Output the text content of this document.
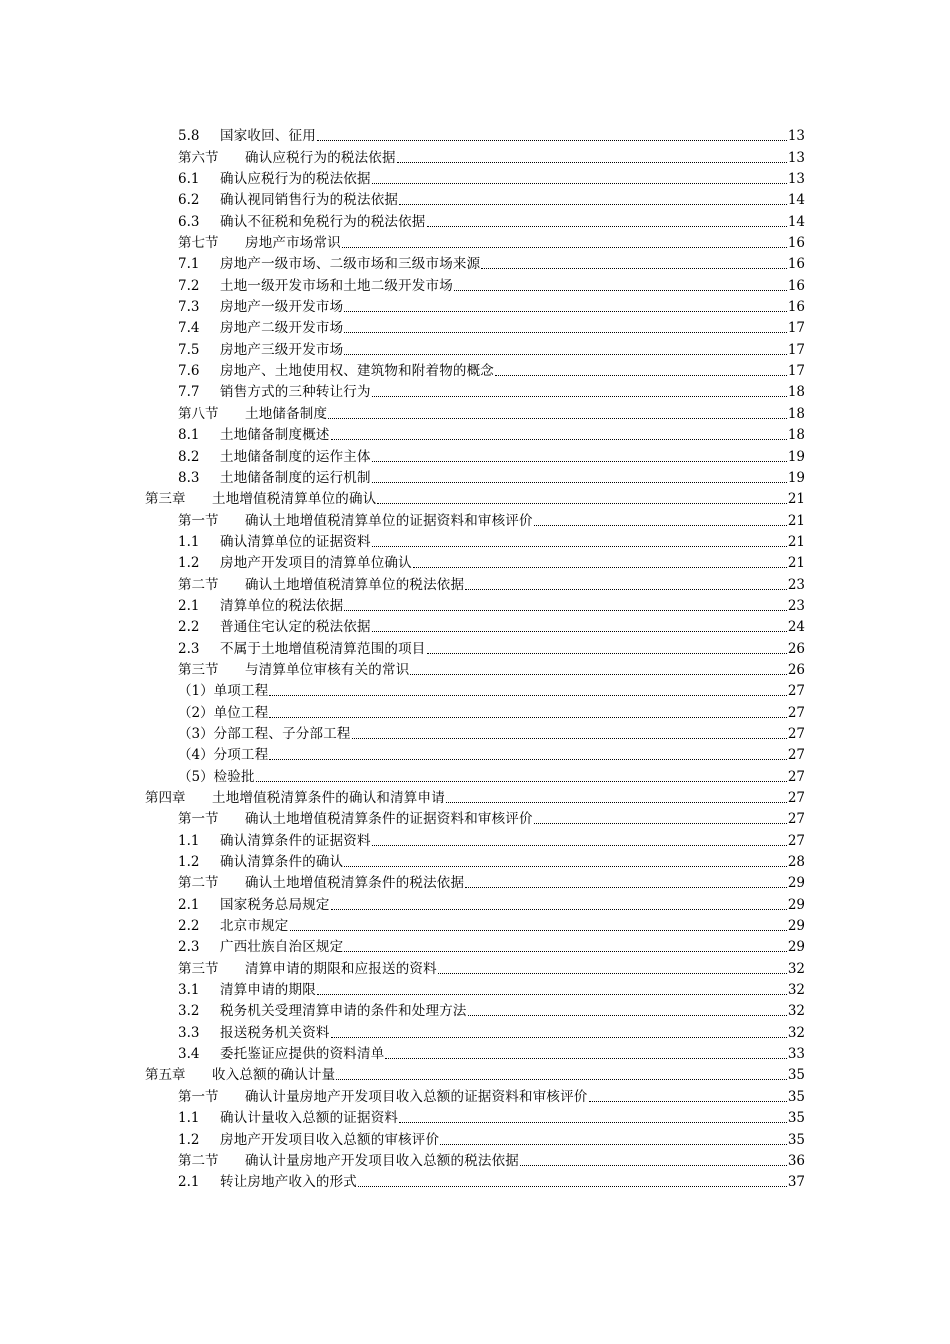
5.8	国家收回、征用	13
第六节	确认应税行为的税法依据	13
6.1	确认应税行为的税法依据	13
6.2	确认视同销售行为的税法依据	14
6.3	确认不征税和免税行为的税法依据	14
第七节	房地产市场常识	16
7.1	房地产一级市场、二级市场和三级市场来源	16
7.2	土地一级开发市场和土地二级开发市场	16
7.3	房地产一级开发市场	16
7.4	房地产二级开发市场	17
7.5	房地产三级开发市场	17
7.6	房地产、土地使用权、建筑物和附着物的概念	17
7.7	销售方式的三种转让行为	18
第八节	土地储备制度	18
8.1	土地储备制度概述	18
8.2	土地储备制度的运作主体	19
8.3	土地储备制度的运行机制	19
第三章	土地增值税清算单位的确认	21
第一节	确认土地增值税清算单位的证据资料和审核评价	21
1.1	确认清算单位的证据资料	21
1.2	房地产开发项目的清算单位确认	21
第二节	确认土地增值税清算单位的税法依据	23
2.1	清算单位的税法依据	23
2.2	普通住宅认定的税法依据	24
2.3	不属于土地增值税清算范围的项目	26
第三节	与清算单位审核有关的常识	26
（1） 单项工程	27
（2） 单位工程	27
（3） 分部工程、子分部工程	27
（4） 分项工程	27
（5） 检验批	27
第四章	土地增值税清算条件的确认和清算申请	27
第一节	确认土地增值税清算条件的证据资料和审核评价	27
1.1	确认清算条件的证据资料	27
1.2	确认清算条件的确认	28
第二节	确认土地增值税清算条件的税法依据	29
2.1	国家税务总局规定	29
2.2	北京市规定	29
2.3	广西壮族自治区规定	29
第三节	清算申请的期限和应报送的资料	32
3.1	清算申请的期限	32
3.2	税务机关受理清算申请的条件和处理方法	32
3.3	报送税务机关资料	32
3.4	委托鉴证应提供的资料清单	33
第五章	收入总额的确认计量	35
第一节	确认计量房地产开发项目收入总额的证据资料和审核评价	35
1.1	确认计量收入总额的证据资料	35
1.2	房地产开发项目收入总额的审核评价	35
第二节	确认计量房地产开发项目收入总额的税法依据	36
2.1	转让房地产收入的形式	37
